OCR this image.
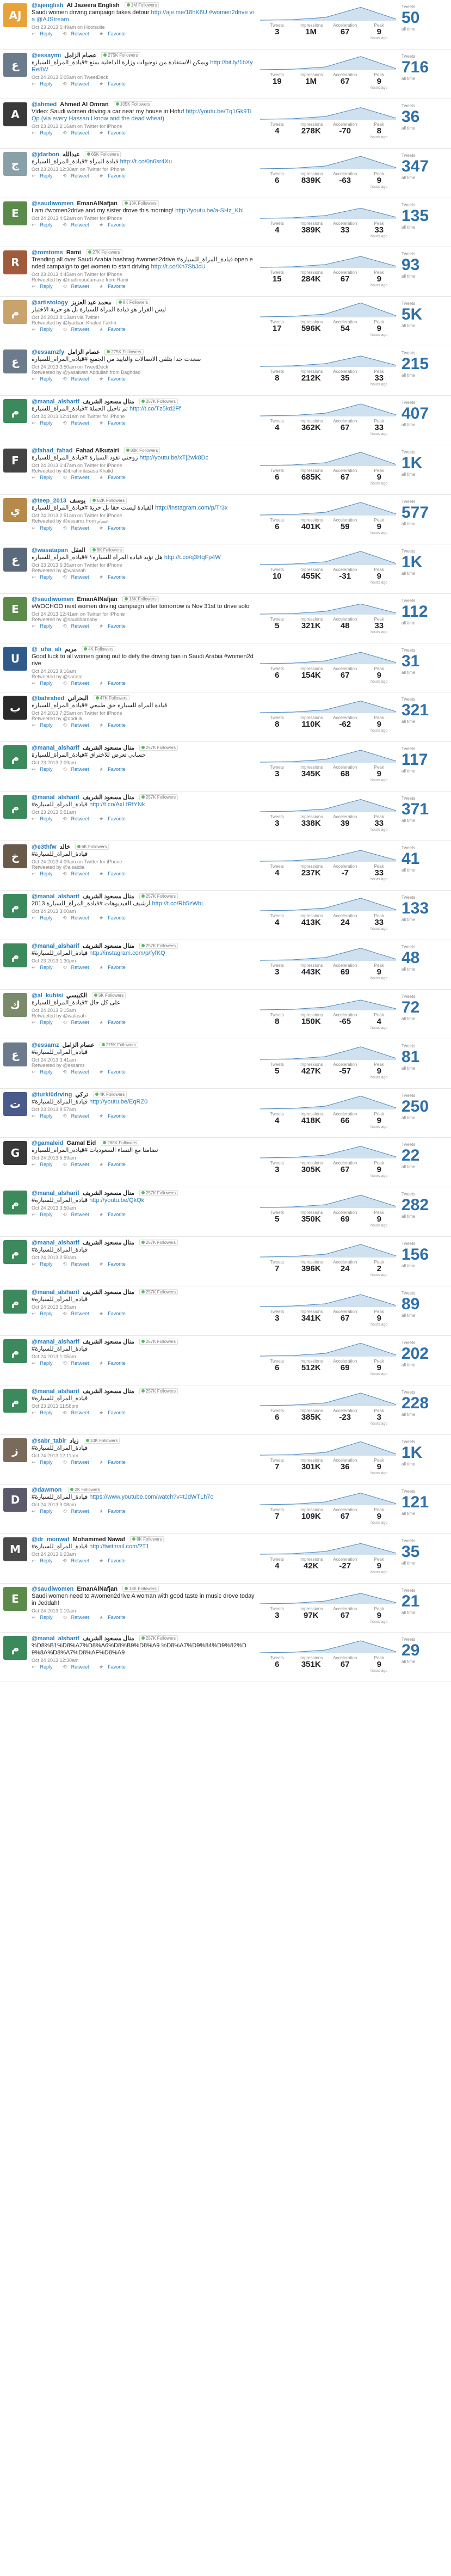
AJ
@ajenglish Al Jazeera English	1M Followers
Saudi women driving campaign takes detour http://aje.me/18hK6U #women2drive via @AJStream
Oct 23 2013 5:49am on Hootsuite
↩ Reply ⟲ Retweet ★ Favorite
Tweets
3
Impressions
1M
Acceleration
67
Peak
9
hours ago
Tweets
50
all time
ع
@essaymi عصام الزامل	275K Followers
ويمكن الاستفادة من توجيهات وزارة الداخلية بمنع #قيادة_المرأة_للسيارة http://bit.ly/1bXyRe8W
Oct 24 2013 5:05am on TweetDeck
↩ Reply ⟲ Retweet ★ Favorite
Tweets
19
Impressions
1M
Acceleration
67
Peak
9
hours ago
Tweets
716
all time
A
@ahmed Ahmed Al Omran	105K Followers
Video: Saudi women driving a car near my house in Hofuf http://youtu.be/Tq1Gk9TiQp (via every Hassan I know and the dead wheat)
Oct 23 2013 2:16am on Twitter for iPhone
↩ Reply ⟲ Retweet ★ Favorite
Tweets
4
Impressions
278K
Acceleration
-70
Peak
8
hours ago
Tweets
36
all time
ج
@jdarbon عبدالله	65K Followers
قيادة المرأة #قيادة_المرأة_للسيارة http://t.co/0n6sr4Xu
Oct 23 2013 12:38am on Twitter for iPhone
↩ Reply ⟲ Retweet ★ Favorite	Tweets
6
Impressions
839K
Acceleration
-63
Peak
9
hours ago
Tweets
347
all time
E
@saudiwomen EmanAlNafjan	18K Followers
I am #women2drive and my sister drove this morning! http://youtu.be/a-SHz_KbI
Oct 24 2013 4:52am on Twitter for iPhone
↩ Reply ⟲ Retweet ★ Favorite	Tweets
4
Impressions
389K
Acceleration
33
Peak
33
hours ago
Tweets
135
all time
R
@romtoms Rami	27K Followers
Trending all over Saudi Arabia hashtag #women2drive #قيادة_المرأة_للسيارة open ended campaign to get women to start driving http://t.co/Xn7SbJcU
Oct 23 2013 4:45am on Twitter for iPhone
Retweeted by @mahmoudamaxe from Rami
↩ Reply ⟲ Retweet ★ Favorite
Tweets
15
Impressions
284K
Acceleration
67
Peak
9
hours ago
Tweets
93
all time
م
@artistology محمد عبد العزيز	8K Followers
ليس القرار هو قيادة المرأة للسيارة بل هو حرية الاختيار
Oct 24 2013 8:13am via Twitter
Retweeted by @lyadsan Khaled Fakhri
↩ Reply ⟲ Retweet ★ Favorite
Tweets
17
Impressions
596K
Acceleration
54
Peak
9
hours ago
Tweets
5K
all time
ع
@essamzfy عصام الزامل	275K Followers
سعدت جدا بتلقي الاتصالات والتأييد من الجميع #قيادة_المرأة_للسيارة
Oct 24 2013 3:50am on TweetDeck
Retweeted by @yasaiwah Abdullah from Baghdad
↩ Reply ⟲ Retweet ★ Favorite
Tweets
8
Impressions
212K
Acceleration
35
Peak
33
hours ago
Tweets
215
all time
م
@manal_alsharif منال مسعود الشريف	257K Followers
تم تأجيل الحملة #قيادة_المرأة_للسيارة http://t.co/Tz5kd2Ff
Oct 24 2013 12:41am on Twitter for iPhone
↩ Reply ⟲ Retweet ★ Favorite	Tweets
4
Impressions
362K
Acceleration
67
Peak
33
hours ago
Tweets
407
all time
F
@fahad_fahad Fahad Alkutairi	80K Followers
زوجتي تقود السيارة #قيادة_المرأة_للسيارة http://youtu.be/xTj2wk8Dc
Oct 24 2013 1:47am on Twitter for iPhone
Retweeted by @ibrahimlasasa Khalid
↩ Reply ⟲ Retweet ★ Favorite
Tweets
6
Impressions
685K
Acceleration
67
Peak
9
hours ago
Tweets
1K
all time
ي
@teep_2013 يوسف	62K Followers
القيادة ليست حقا بل حرية #قيادة_المرأة_للسيارة http://instagram.com/p/Tr3x
Oct 24 2013 2:51am on Twitter for iPhone
Retweeted by @essamz from عصام
↩ Reply ⟲ Retweet ★ Favorite
Tweets
6
Impressions
401K
Acceleration
59
Peak
9
hours ago
Tweets
577
all time
ع
@wasatapan العقل	8K Followers
هل تؤيد قيادة المرأة للسيارة؟ #قيادة_المرأة_للسيارة http://t.co/q3HqFp4W
Oct 23 2013 6:35am on Twitter for iPhone
Retweeted by @walasah
↩ Reply ⟲ Retweet ★ Favorite
Tweets
10
Impressions
455K
Acceleration
-31
Peak
9
hours ago
Tweets
1K
all time
E
@saudiwomen EmanAlNafjan	18K Followers
#WOCHOO next women driving campaign after tomorrow is Nov 31st to drive solo
Oct 24 2013 12:41am on Twitter for iPhone
Retweeted by @saudibarnaby
↩ Reply ⟲ Retweet ★ Favorite
Tweets
5
Impressions
321K
Acceleration
48
Peak
33
hours ago
Tweets
112
all time
U
@_uha_ali مريم	4K Followers
Good luck to all women going out to defy the driving ban in Saudi Arabia #women2drive
Oct 24 2013 9:16am
Retweeted by @saratal
↩ Reply ⟲ Retweet ★ Favorite
Tweets
6
Impressions
154K
Acceleration
67
Peak
9
hours ago
Tweets
31
all time
ب
@bahrahed البحراني	47K Followers
قيادة المرأة للسيارة حق طبيعي #قيادة_المرأة_للسيارة
Oct 24 2013 7:25am on Twitter for iPhone
Retweeted by @abdulk
↩ Reply ⟲ Retweet ★ Favorite
Tweets
8
Impressions
110K
Acceleration
-62
Peak
9
hours ago
Tweets
321
all time
م
@manal_alsharif منال مسعود الشريف	257K Followers
حسابي تعرض للاختراق #قيادة_المرأة_للسيارة
Oct 23 2013 2:09am
↩ Reply ⟲ Retweet ★ Favorite	Tweets
3
Impressions
345K
Acceleration
68
Peak
9
hours ago
Tweets
117
all time
م
@manal_alsharif منال مسعود الشريف	257K Followers
#قيادة_المرأة_للسيارة http://t.co/AxLfRfYNk
Oct 23 2013 5:51am
↩ Reply ⟲ Retweet ★ Favorite	Tweets
3
Impressions
338K
Acceleration
39
Peak
33
hours ago
Tweets
371
all time
خ
@e3thfw خالد	6K Followers
#قيادة_المرأة_للسيارة
Oct 24 2013 4:09am on Twitter for iPhone
Retweeted by @alsaidia
↩ Reply ⟲ Retweet ★ Favorite
Tweets
4
Impressions
237K
Acceleration
-7
Peak
33
hours ago
Tweets
41
all time
م
@manal_alsharif منال مسعود الشريف	257K Followers
أرشيف الفيديوهات #قيادة_المرأة_للسيارة 2013 http://t.co/Rb5zWbL
Oct 24 2013 3:00am
↩ Reply ⟲ Retweet ★ Favorite	Tweets
4
Impressions
413K
Acceleration
24
Peak
33
hours ago
Tweets
133
all time
م
@manal_alsharif منال مسعود الشريف	257K Followers
#قيادة_المرأة_للسيارة http://instagram.com/p/fyfKQ
Oct 23 2013 1:30pm
↩ Reply ⟲ Retweet ★ Favorite	Tweets
3
Impressions
443K
Acceleration
69
Peak
9
hours ago
Tweets
48
all time
ك
@al_kubisi الكبيسي	5K Followers
على كل حال #قيادة_المرأة_للسيارة
Oct 24 2013 5:15am
Retweeted by @walasah
↩ Reply ⟲ Retweet ★ Favorite
Tweets
8
Impressions
150K
Acceleration
-65
Peak
4
hours ago
Tweets
72
all time
ع
@essamz عصام الزامل	275K Followers
#قيادة_المرأة_للسيارة
Oct 24 2013 3:41am
Retweeted by @essamz
↩ Reply ⟲ Retweet ★ Favorite
Tweets
5
Impressions
427K
Acceleration
-57
Peak
9
hours ago
Tweets
81
all time
ت
@turki0drving تركي	4K Followers
#قيادة_المرأة_للسيارة http://youtu.be/EqRZ0
Oct 23 2013 8:57am
↩ Reply ⟲ Retweet ★ Favorite	Tweets
4
Impressions
418K
Acceleration
66
Peak
9
hours ago
Tweets
250
all time
G
@gamaleid Gamal Eid	268K Followers
تضامنا مع النساء السعوديات #قيادة_المرأة_للسيارة
Oct 24 2013 5:59am
↩ Reply ⟲ Retweet ★ Favorite	Tweets
3
Impressions
305K
Acceleration
67
Peak
9
hours ago
Tweets
22
all time
م
@manal_alsharif منال مسعود الشريف	257K Followers
#قيادة_المرأة_للسيارة http://youtu.be/QkQk
Oct 24 2013 3:50am
↩ Reply ⟲ Retweet ★ Favorite	Tweets
5
Impressions
350K
Acceleration
69
Peak
9
hours ago
Tweets
282
all time
م
@manal_alsharif منال مسعود الشريف	257K Followers
#قيادة_المرأة_للسيارة
Oct 24 2013 2:50am
↩ Reply ⟲ Retweet ★ Favorite	Tweets
7
Impressions
396K
Acceleration
24
Peak
2
hours ago
Tweets
156
all time
م
@manal_alsharif منال مسعود الشريف	257K Followers
#قيادة_المرأة_للسيارة
Oct 24 2013 1:35am
↩ Reply ⟲ Retweet ★ Favorite	Tweets
3
Impressions
341K
Acceleration
67
Peak
9
hours ago
Tweets
89
all time
م
@manal_alsharif منال مسعود الشريف	257K Followers
#قيادة_المرأة_للسيارة
Oct 24 2013 1:05am
↩ Reply ⟲ Retweet ★ Favorite	Tweets
6
Impressions
512K
Acceleration
69
Peak
9
hours ago
Tweets
202
all time
م
@manal_alsharif منال مسعود الشريف	257K Followers
#قيادة_المرأة_للسيارة
Oct 23 2013 11:58pm
↩ Reply ⟲ Retweet ★ Favorite	Tweets
6
Impressions
385K
Acceleration
-23
Peak
3
hours ago
Tweets
228
all time
ز
@sabr_tabir زياد	10K Followers
#قيادة_المرأة_للسيارة
Oct 24 2013 12:11am
↩ Reply ⟲ Retweet ★ Favorite	Tweets
7
Impressions
301K
Acceleration
36
Peak
9
hours ago
Tweets
1K
all time
D
@dawmon	2K Followers
#قيادة_المرأة_للسيارة https://www.youtube.com/watch?v=tJdWTLh7c
Oct 24 2013 9:08am
↩ Reply ⟲ Retweet ★ Favorite	Tweets
7
Impressions
109K
Acceleration
67
Peak
9
hours ago
Tweets
121
all time
M
@dr_monwaf Mohammed Nawaf	6K Followers
#قيادة_المرأة_للسيارة http://twitmail.com/?T1
Oct 24 2013 6:23am
↩ Reply ⟲ Retweet ★ Favorite	Tweets
4
Impressions
42K
Acceleration
-27
Peak
9
hours ago
Tweets
35
all time
E
@saudiwomen EmanAlNafjan	18K Followers
Saudi women need to #women2drive A woman with good taste in music drove today in Jeddah!
Oct 24 2013 1:10am
↩ Reply ⟲ Retweet ★ Favorite
Tweets
3
Impressions
97K
Acceleration
67
Peak
9
hours ago
Tweets
21
all time
م
@manal_alsharif منال مسعود الشريف	257K Followers
%D8%B1%D8%A7%D8%A6%D8%B9%D8%A9 %D8%A7%D9%84%D9%82%D9%8A%D8%A7%D8%AF%D8%A9
Oct 24 2013 12:30am
↩ Reply ⟲ Retweet ★ Favorite
Tweets
6
Impressions
351K
Acceleration
67
Peak
9
hours ago
Tweets
29
all time
